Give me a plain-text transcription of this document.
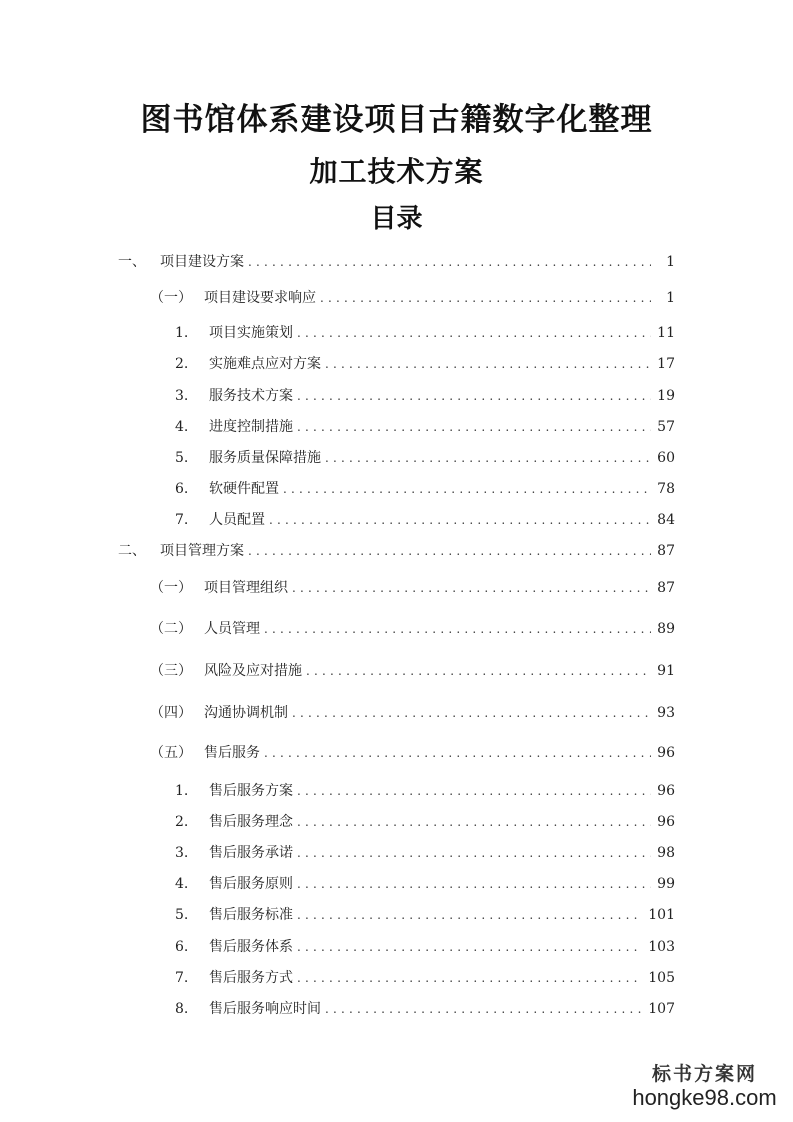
图书馆体系建设项目古籍数字化整理
加工技术方案
目录
一、	项目建设方案 .....	1
（一） 项目建设要求响应 .....	1
1.	项目实施策划 .....	11
2.	实施难点应对方案 .....	17
3.	服务技术方案 .....	19
4.	进度控制措施 .....	57
5.	服务质量保障措施 .....	60
6.	软硬件配置 .....	78
7.	人员配置 .....	84
二、	项目管理方案 .....	87
（一） 项目管理组织 .....	87
（二） 人员管理 .....	89
（三） 风险及应对措施 .....	91
（四） 沟通协调机制 .....	93
（五） 售后服务 .....	96
1.	售后服务方案 .....	96
2.	售后服务理念 .....	96
3.	售后服务承诺 .....	98
4.	售后服务原则 .....	99
5.	售后服务标准 .....	101
6.	售后服务体系 .....	103
7.	售后服务方式 .....	105
8.	售后服务响应时间 .....	107
标书方案网
hongke98.com
